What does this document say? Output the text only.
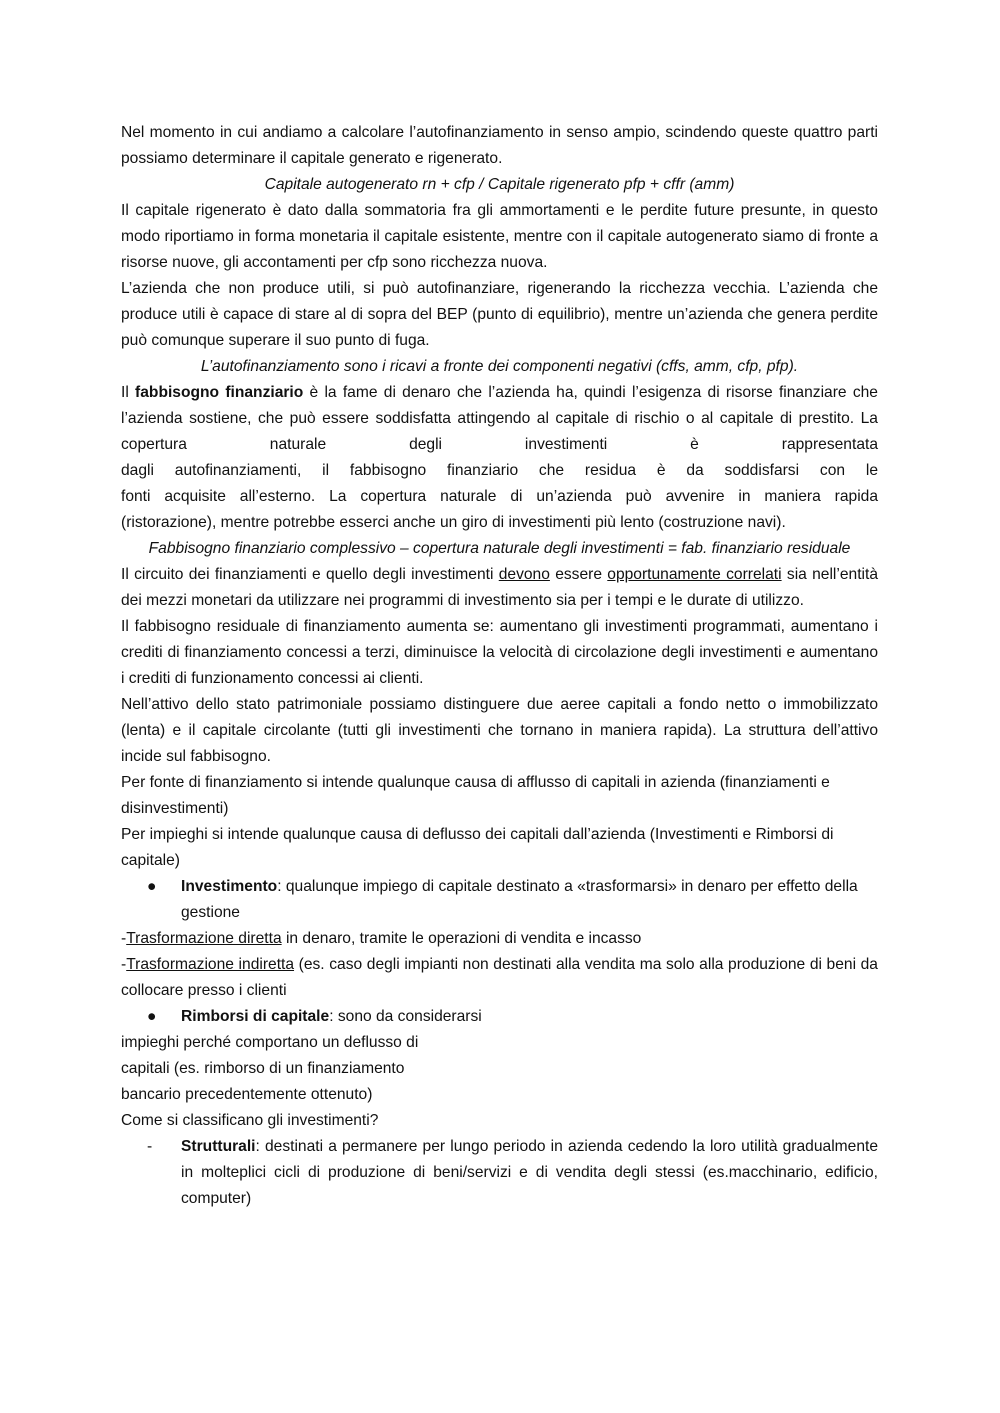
Nel momento in cui andiamo a calcolare l’autofinanziamento in senso ampio, scindendo queste quattro parti possiamo determinare il capitale generato e rigenerato.

Capitale autogenerato rn + cfp / Capitale rigenerato pfp + cffr (amm)

Il capitale rigenerato è dato dalla sommatoria fra gli ammortamenti e le perdite future presunte, in questo modo riportiamo in forma monetaria il capitale esistente, mentre con il capitale autogenerato siamo di fronte a risorse nuove, gli accontamenti per cfp sono ricchezza nuova.

L’azienda che non produce utili, si può autofinanziare, rigenerando la ricchezza vecchia. L’azienda che produce utili è capace di stare al di sopra del BEP (punto di equilibrio), mentre un’azienda che genera perdite può comunque superare il suo punto di fuga.

L’autofinanziamento sono i ricavi a fronte dei componenti negativi (cffs, amm, cfp, pfp).

Il fabbisogno finanziario è la fame di denaro che l’azienda ha, quindi l’esigenza di risorse finanziare che l’azienda sostiene, che può essere soddisfatta attingendo al capitale di rischio o al capitale di prestito. La copertura naturale degli investimenti è rappresentata

dagli autofinanziamenti, il fabbisogno finanziario che residua è da soddisfarsi con le

fonti acquisite all’esterno. La copertura naturale di un’azienda può avvenire in maniera rapida

(ristorazione), mentre potrebbe esserci anche un giro di investimenti più lento (costruzione navi).

Fabbisogno finanziario complessivo – copertura naturale degli investimenti = fab. finanziario residuale

Il circuito dei finanziamenti e quello degli investimenti devono essere opportunamente correlati sia nell’entità dei mezzi monetari da utilizzare nei programmi di investimento sia per i tempi e le durate di utilizzo.

Il fabbisogno residuale di finanziamento aumenta se: aumentano gli investimenti programmati, aumentano i crediti di finanziamento concessi a terzi, diminuisce la velocità di circolazione degli investimenti e aumentano i crediti di funzionamento concessi ai clienti.

Nell’attivo dello stato patrimoniale possiamo distinguere due aeree capitali a fondo netto o immobilizzato (lenta) e il capitale circolante (tutti gli investimenti che tornano in maniera rapida). La struttura dell’attivo incide sul fabbisogno.

Per fonte di finanziamento si intende qualunque causa di afflusso di capitali in azienda (finanziamenti e disinvestimenti)

Per impieghi si intende qualunque causa di deflusso dei capitali dall’azienda (Investimenti e Rimborsi di capitale)

● Investimento: qualunque impiego di capitale destinato a «trasformarsi» in denaro per effetto della gestione

-Trasformazione diretta in denaro, tramite le operazioni di vendita e incasso

-Trasformazione indiretta (es. caso degli impianti non destinati alla vendita ma solo alla produzione di beni da collocare presso i clienti

● Rimborsi di capitale: sono da considerarsi

impieghi perché comportano un deflusso di

capitali (es. rimborso di un finanziamento

bancario precedentemente ottenuto)

Come si classificano gli investimenti?

- Strutturali: destinati a permanere per lungo periodo in azienda cedendo la loro utilità gradualmente in molteplici cicli di produzione di beni/servizi e di vendita degli stessi (es.macchinario, edificio, computer)
